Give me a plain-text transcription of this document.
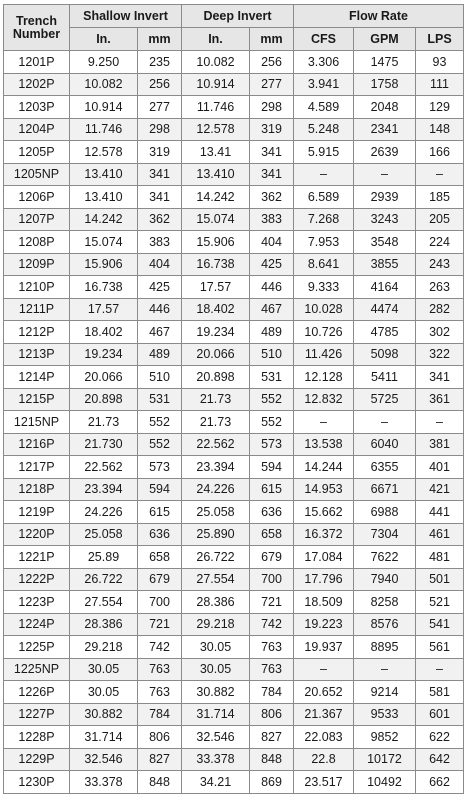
Trench Number	Shallow Invert		Deep Invert		Flow Rate		
	In.	mm	In.	mm	CFS	GPM	LPS
1201P	9.250	235	10.082	256	3.306	1475	93
1202P	10.082	256	10.914	277	3.941	1758	111
1203P	10.914	277	11.746	298	4.589	2048	129
1204P	11.746	298	12.578	319	5.248	2341	148
1205P	12.578	319	13.41	341	5.915	2639	166
1205NP	13.410	341	13.410	341	–	–	–
1206P	13.410	341	14.242	362	6.589	2939	185
1207P	14.242	362	15.074	383	7.268	3243	205
1208P	15.074	383	15.906	404	7.953	3548	224
1209P	15.906	404	16.738	425	8.641	3855	243
1210P	16.738	425	17.57	446	9.333	4164	263
1211P	17.57	446	18.402	467	10.028	4474	282
1212P	18.402	467	19.234	489	10.726	4785	302
1213P	19.234	489	20.066	510	11.426	5098	322
1214P	20.066	510	20.898	531	12.128	5411	341
1215P	20.898	531	21.73	552	12.832	5725	361
1215NP	21.73	552	21.73	552	–	–	–
1216P	21.730	552	22.562	573	13.538	6040	381
1217P	22.562	573	23.394	594	14.244	6355	401
1218P	23.394	594	24.226	615	14.953	6671	421
1219P	24.226	615	25.058	636	15.662	6988	441
1220P	25.058	636	25.890	658	16.372	7304	461
1221P	25.89	658	26.722	679	17.084	7622	481
1222P	26.722	679	27.554	700	17.796	7940	501
1223P	27.554	700	28.386	721	18.509	8258	521
1224P	28.386	721	29.218	742	19.223	8576	541
1225P	29.218	742	30.05	763	19.937	8895	561
1225NP	30.05	763	30.05	763	–	–	–
1226P	30.05	763	30.882	784	20.652	9214	581
1227P	30.882	784	31.714	806	21.367	9533	601
1228P	31.714	806	32.546	827	22.083	9852	622
1229P	32.546	827	33.378	848	22.8	10172	642
1230P	33.378	848	34.21	869	23.517	10492	662
